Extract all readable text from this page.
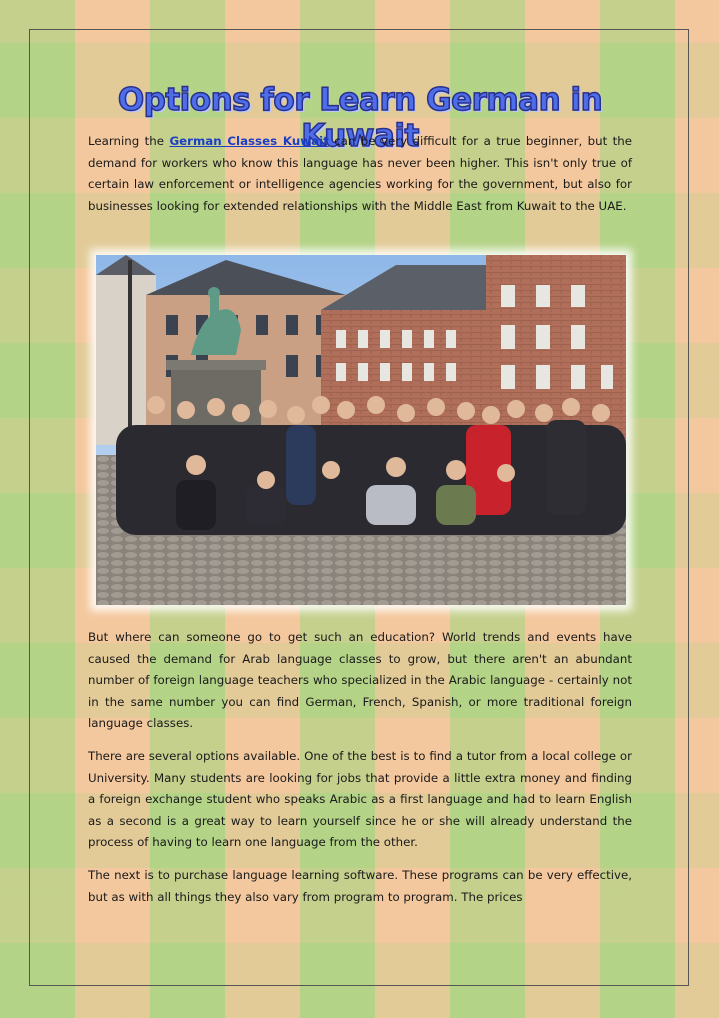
Options for Learn German in Kuwait

Learning the German Classes Kuwait can be very difficult for a true beginner, but the demand for workers who know this language has never been higher. This isn't only true of certain law enforcement or intelligence agencies working for the government, but also for businesses looking for extended relationships with the Middle East from Kuwait to the UAE.

But where can someone go to get such an education? World trends and events have caused the demand for Arab language classes to grow, but there aren't an abundant number of foreign language teachers who specialized in the Arabic language - certainly not in the same number you can find German, French, Spanish, or more traditional foreign language classes.

There are several options available. One of the best is to find a tutor from a local college or University. Many students are looking for jobs that provide a little extra money and finding a foreign exchange student who speaks Arabic as a first language and had to learn English as a second is a great way to learn yourself since he or she will already understand the process of having to learn one language from the other.

The next is to purchase language learning software. These programs can be very effective, but as with all things they also vary from program to program. The prices
